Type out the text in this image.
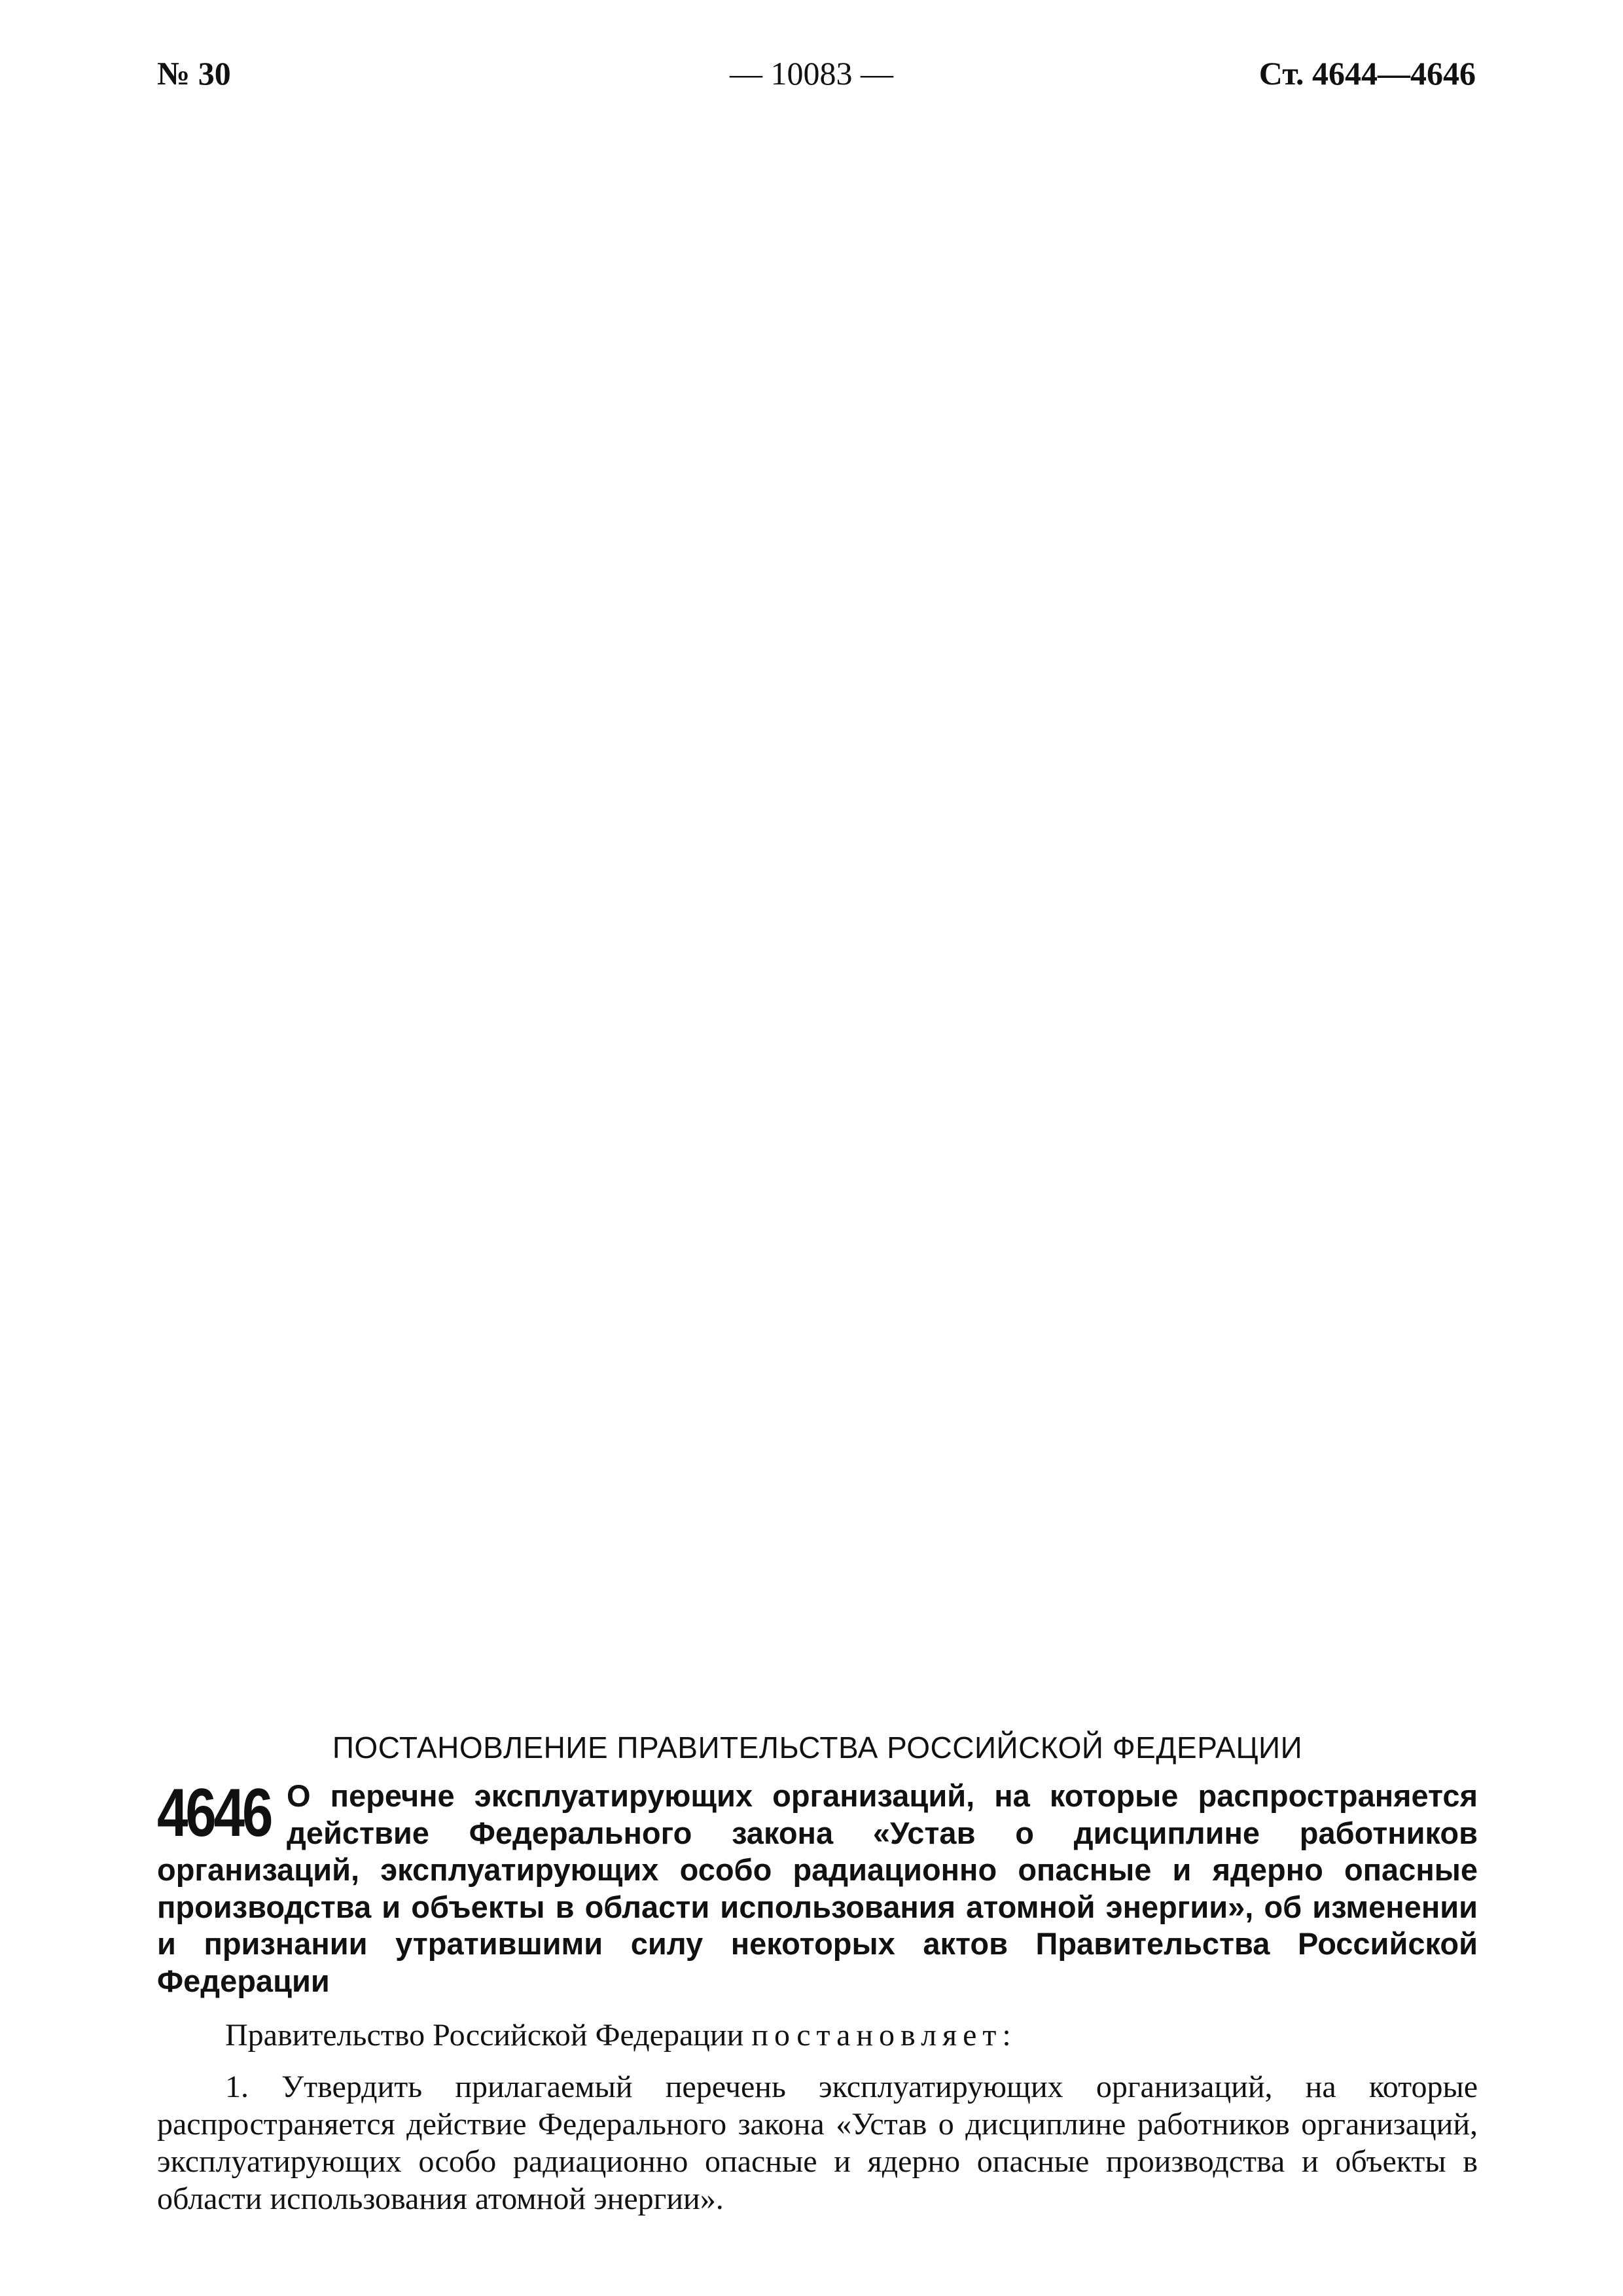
— 10083 —
№ 30	Ст. 4644—4646
ПОСТАНОВЛЕНИЕ ПРАВИТЕЛЬСТВА РОССИЙСКОЙ ФЕДЕРАЦИИ
4646 О перечне эксплуатирующих организаций, на которые распространяется действие Федерального закона «Устав о дисциплине работников организаций, эксплуатирующих особо радиационно опасные и ядерно опасные производства и объекты в области использования атомной энергии», об изменении и признании утратившими силу некоторых актов Правительства Российской Федерации

Правительство Российской Федерации постановляет:

1. Утвердить прилагаемый перечень эксплуатирующих организаций, на которые распространяется действие Федерального закона «Устав о дисциплине работников организаций, эксплуатирующих особо радиационно опасные и ядерно опасные производства и объекты в области использования атомной энергии».
